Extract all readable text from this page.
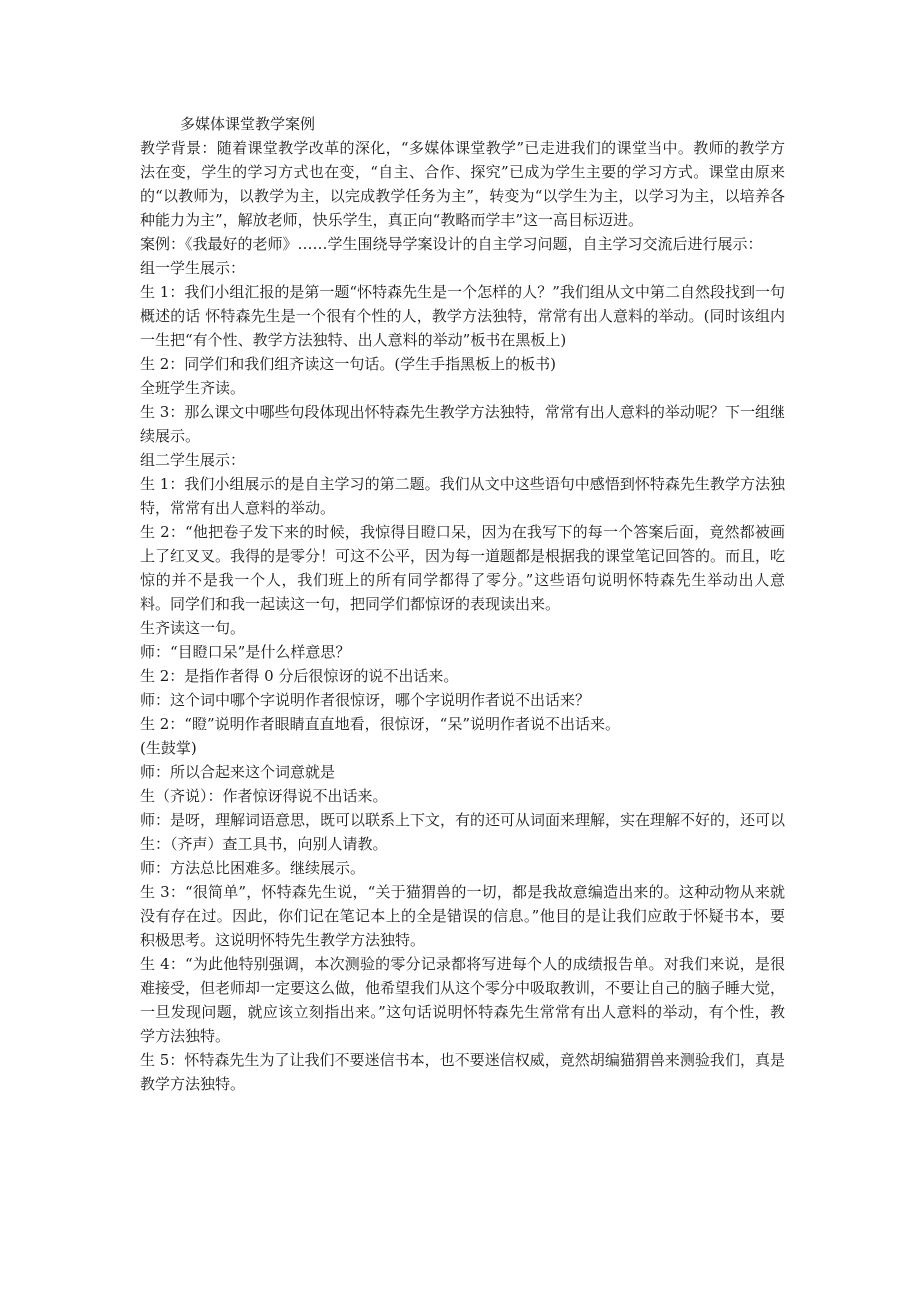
多媒体课堂教学案例

教学背景：随着课堂教学改革的深化，“多媒体课堂教学”已走进我们的课堂当中。教师的教学方法在变，学生的学习方式也在变，“自主、合作、探究”已成为学生主要的学习方式。课堂由原来的“以教师为，以教学为主，以完成教学任务为主”，转变为“以学生为主，以学习为主，以培养各种能力为主”，解放老师，快乐学生，真正向“教略而学丰”这一高目标迈进。

案例：《我最好的老师》……学生围绕导学案设计的自主学习问题，自主学习交流后进行展示：

组一学生展示：

生 1：我们小组汇报的是第一题“怀特森先生是一个怎样的人？”我们组从文中第二自然段找到一句概述的话 怀特森先生是一个很有个性的人，教学方法独特，常常有出人意料的举动。(同时该组内一生把“有个性、教学方法独特、出人意料的举动”板书在黑板上)

生 2：同学们和我们组齐读这一句话。(学生手指黑板上的板书)

全班学生齐读。

生 3：那么课文中哪些句段体现出怀特森先生教学方法独特，常常有出人意料的举动呢？下一组继续展示。

组二学生展示：

生 1：我们小组展示的是自主学习的第二题。我们从文中这些语句中感悟到怀特森先生教学方法独特，常常有出人意料的举动。

生 2：“他把卷子发下来的时候，我惊得目瞪口呆，因为在我写下的每一个答案后面，竟然都被画上了红叉叉。我得的是零分！可这不公平，因为每一道题都是根据我的课堂笔记回答的。而且，吃惊的并不是我一个人，我们班上的所有同学都得了零分。”这些语句说明怀特森先生举动出人意料。同学们和我一起读这一句，把同学们都惊讶的表现读出来。

生齐读这一句。

师：“目瞪口呆”是什么样意思？

生 2：是指作者得 0 分后很惊讶的说不出话来。

师：这个词中哪个字说明作者很惊讶，哪个字说明作者说不出话来？

生 2：“瞪”说明作者眼睛直直地看，很惊讶，“呆”说明作者说不出话来。

(生鼓掌)

师：所以合起来这个词意就是

生（齐说）：作者惊讶得说不出话来。

师：是呀，理解词语意思，既可以联系上下文，有的还可从词面来理解，实在理解不好的，还可以

生：（齐声）查工具书，向别人请教。

师：方法总比困难多。继续展示。

生 3：“很简单”，怀特森先生说，“关于猫猬兽的一切，都是我故意编造出来的。这种动物从来就没有存在过。因此，你们记在笔记本上的全是错误的信息。”他目的是让我们应敢于怀疑书本，要积极思考。这说明怀特先生教学方法独特。

生 4：“为此他特别强调，本次测验的零分记录都将写进每个人的成绩报告单。对我们来说，是很难接受，但老师却一定要这么做，他希望我们从这个零分中吸取教训，不要让自己的脑子睡大觉，一旦发现问题，就应该立刻指出来。”这句话说明怀特森先生常常有出人意料的举动，有个性，教学方法独特。

生 5：怀特森先生为了让我们不要迷信书本，也不要迷信权威，竟然胡编猫猬兽来测验我们，真是教学方法独特。
